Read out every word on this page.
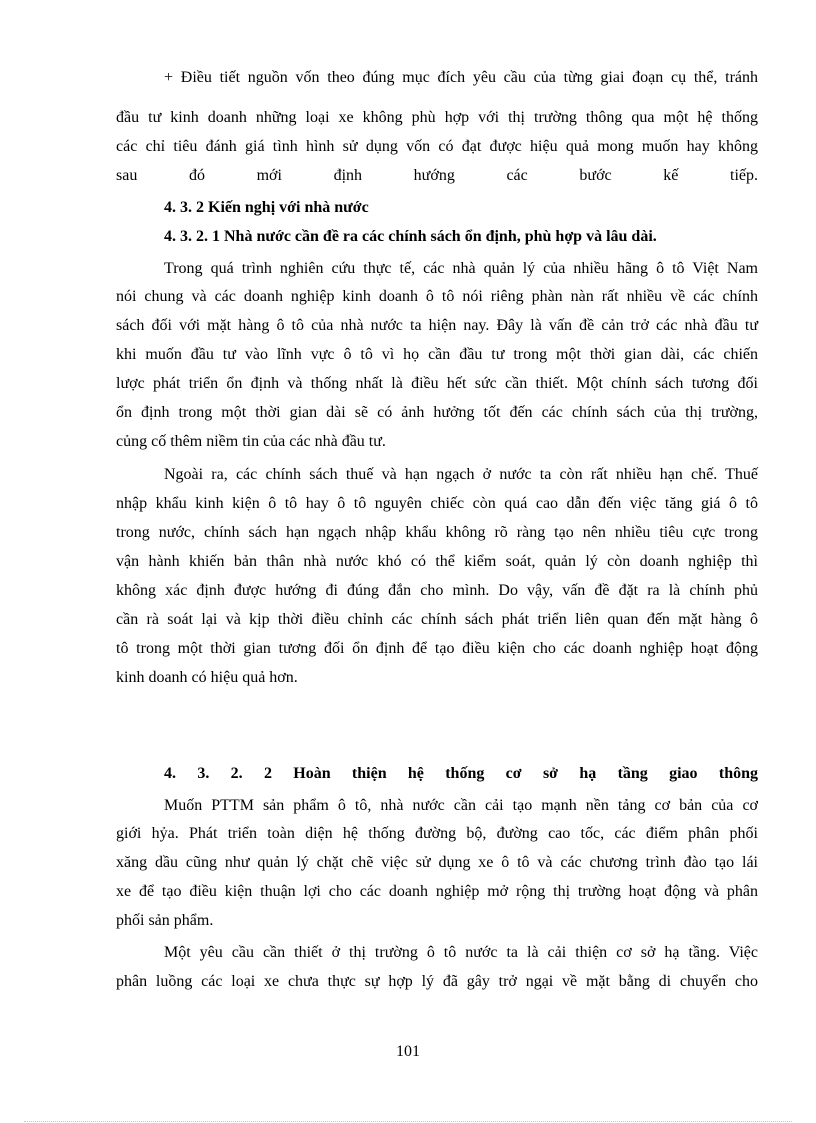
+ Điều tiết nguồn vốn theo đúng mục đích yêu cầu của từng giai đoạn cụ thể, tránh
đầu tư kinh doanh những loại xe không phù hợp với thị trường thông qua một hệ thống
các chỉ tiêu đánh giá tình hình sử dụng vốn có đạt được hiệu quả mong muốn hay không
sau đó mới định hướng các bước kế tiếp.
4. 3. 2 Kiến nghị với nhà nước
4. 3. 2. 1 Nhà nước cần đề ra các chính sách ổn định, phù hợp và lâu dài.
Trong quá trình nghiên cứu thực tế, các nhà quản lý của nhiều hãng ô tô Việt Nam
nói chung và các doanh nghiệp kinh doanh ô tô nói riêng phàn nàn rất nhiều về các chính
sách đối với mặt hàng ô tô của nhà nước ta hiện nay. Đây là vấn đề cản trở các nhà đầu tư
khi muốn đầu tư vào lĩnh vực ô tô vì họ cần đầu tư trong một thời gian dài, các chiến
lược phát triển ổn định và thống nhất là điều hết sức cần thiết. Một chính sách tương đối
ổn định trong một thời gian dài sẽ có ảnh hưởng tốt đến các chính sách của thị trường,
củng cố thêm niềm tin của các nhà đầu tư.
Ngoài ra, các chính sách thuế và hạn ngạch ở nước ta còn rất nhiều hạn chế. Thuế
nhập khẩu kinh kiện ô tô hay ô tô nguyên chiếc còn quá cao dẫn đến việc tăng giá ô tô
trong nước, chính sách hạn ngạch nhập khẩu không rõ ràng tạo nên nhiều tiêu cực trong
vận hành khiến bản thân nhà nước khó có thể kiểm soát, quản lý còn doanh nghiệp thì
không xác định được hướng đi đúng đắn cho mình. Do vậy, vấn đề đặt ra là chính phủ
cần rà soát lại và kịp thời điều chỉnh các chính sách phát triển liên quan đến mặt hàng ô
tô trong một thời gian tương đối ổn định để tạo điều kiện cho các doanh nghiệp hoạt động
kinh doanh có hiệu quả hơn.
4. 3. 2. 2 Hoàn thiện hệ thống cơ sở hạ tầng giao thông
Muốn PTTM sản phẩm ô tô, nhà nước cần cải tạo mạnh nền tảng cơ bản của cơ
giới hỷa. Phát triển toàn diện hệ thống đường bộ, đường cao tốc, các điểm phân phối
xăng dầu cũng như quản lý chặt chẽ việc sử dụng xe ô tô và các chương trình đào tạo lái
xe để tạo điều kiện thuận lợi cho các doanh nghiệp mở rộng thị trường hoạt động và phân
phối sản phẩm.
Một yêu cầu cần thiết ở thị trường ô tô nước ta là cải thiện cơ sở hạ tầng. Việc
phân luồng các loại xe chưa thực sự hợp lý đã gây trở ngại về mặt bằng di chuyển cho
101
